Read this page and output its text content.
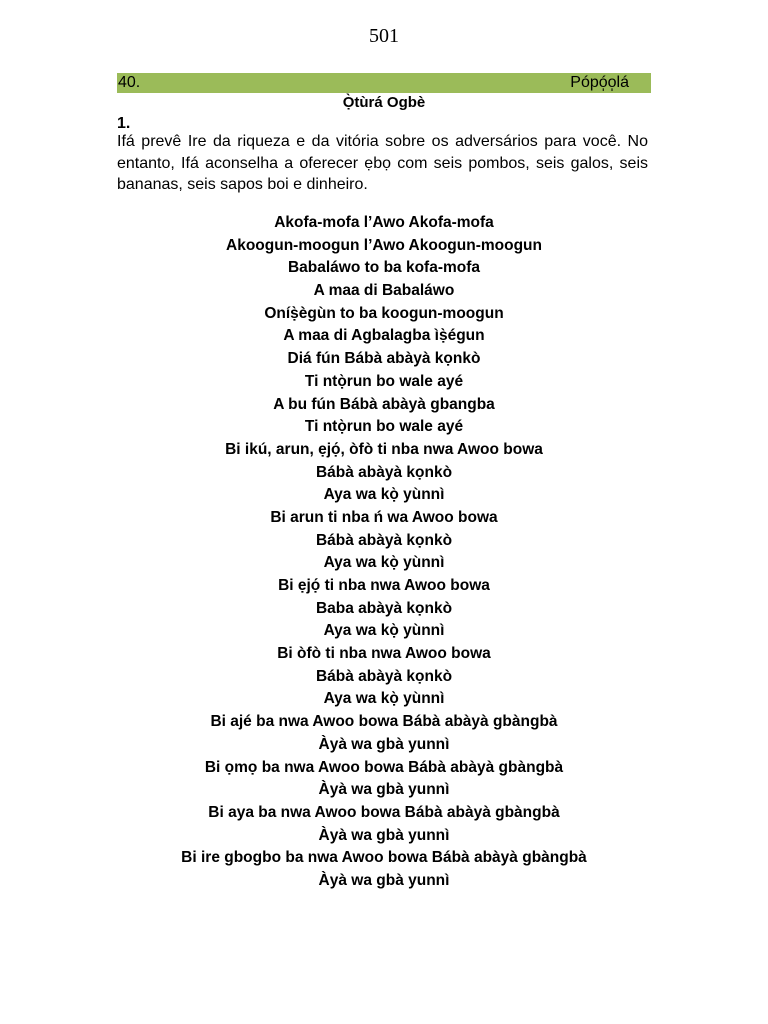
501
40.	Pópó̩o̩lá
Ọ̀tùrá Ogbè
1.

Ifá prevê Ire da riqueza e da vitória sobre os adversários para você. No entanto, Ifá aconselha a oferecer ẹbọ com seis pombos, seis galos, seis bananas, seis sapos boi e dinheiro.

Akofa-mofa l’Awo Akofa-mofa
Akoogun-moogun l’Awo Akoogun-moogun
Babaláwo to ba kofa-mofa
A maa di Babaláwo
Oníṣ̀ègùn to ba koogun-moogun
A maa di Agbalagba ìṣ̀égun
Diá fún Bábà abàyà kọnkò
Ti ntọ̀run bo wale ayé
A bu fún Bábà abàyà gbangba
Ti ntọ̀run bo wale ayé
Bi ikú, arun, ẹjọ́, òfò ti nba nwa Awoo bowa
Bábà abàyà kọnkò
Aya wa kọ̀ yùnnì
Bi arun ti nba ń wa Awoo bowa
Bábà abàyà kọnkò
Aya wa kọ̀ yùnnì
Bi ẹjọ́ ti nba nwa Awoo bowa
Baba abàyà kọnkò
Aya wa kọ̀ yùnnì
Bi òfò ti nba nwa Awoo bowa
Bábà abàyà kọnkò
Aya wa kọ̀ yùnnì
Bi ajé ba nwa Awoo bowa Bábà abàyà gbàngbà
Àyà wa gbà yunnì
Bi ọmọ ba nwa Awoo bowa Bábà abàyà gbàngbà
Àyà wa gbà yunnì
Bi aya ba nwa Awoo bowa Bábà abàyà gbàngbà
Àyà wa gbà yunnì
Bi ire gbogbo ba nwa Awoo bowa Bábà abàyà gbàngbà
Àyà wa gbà yunnì
